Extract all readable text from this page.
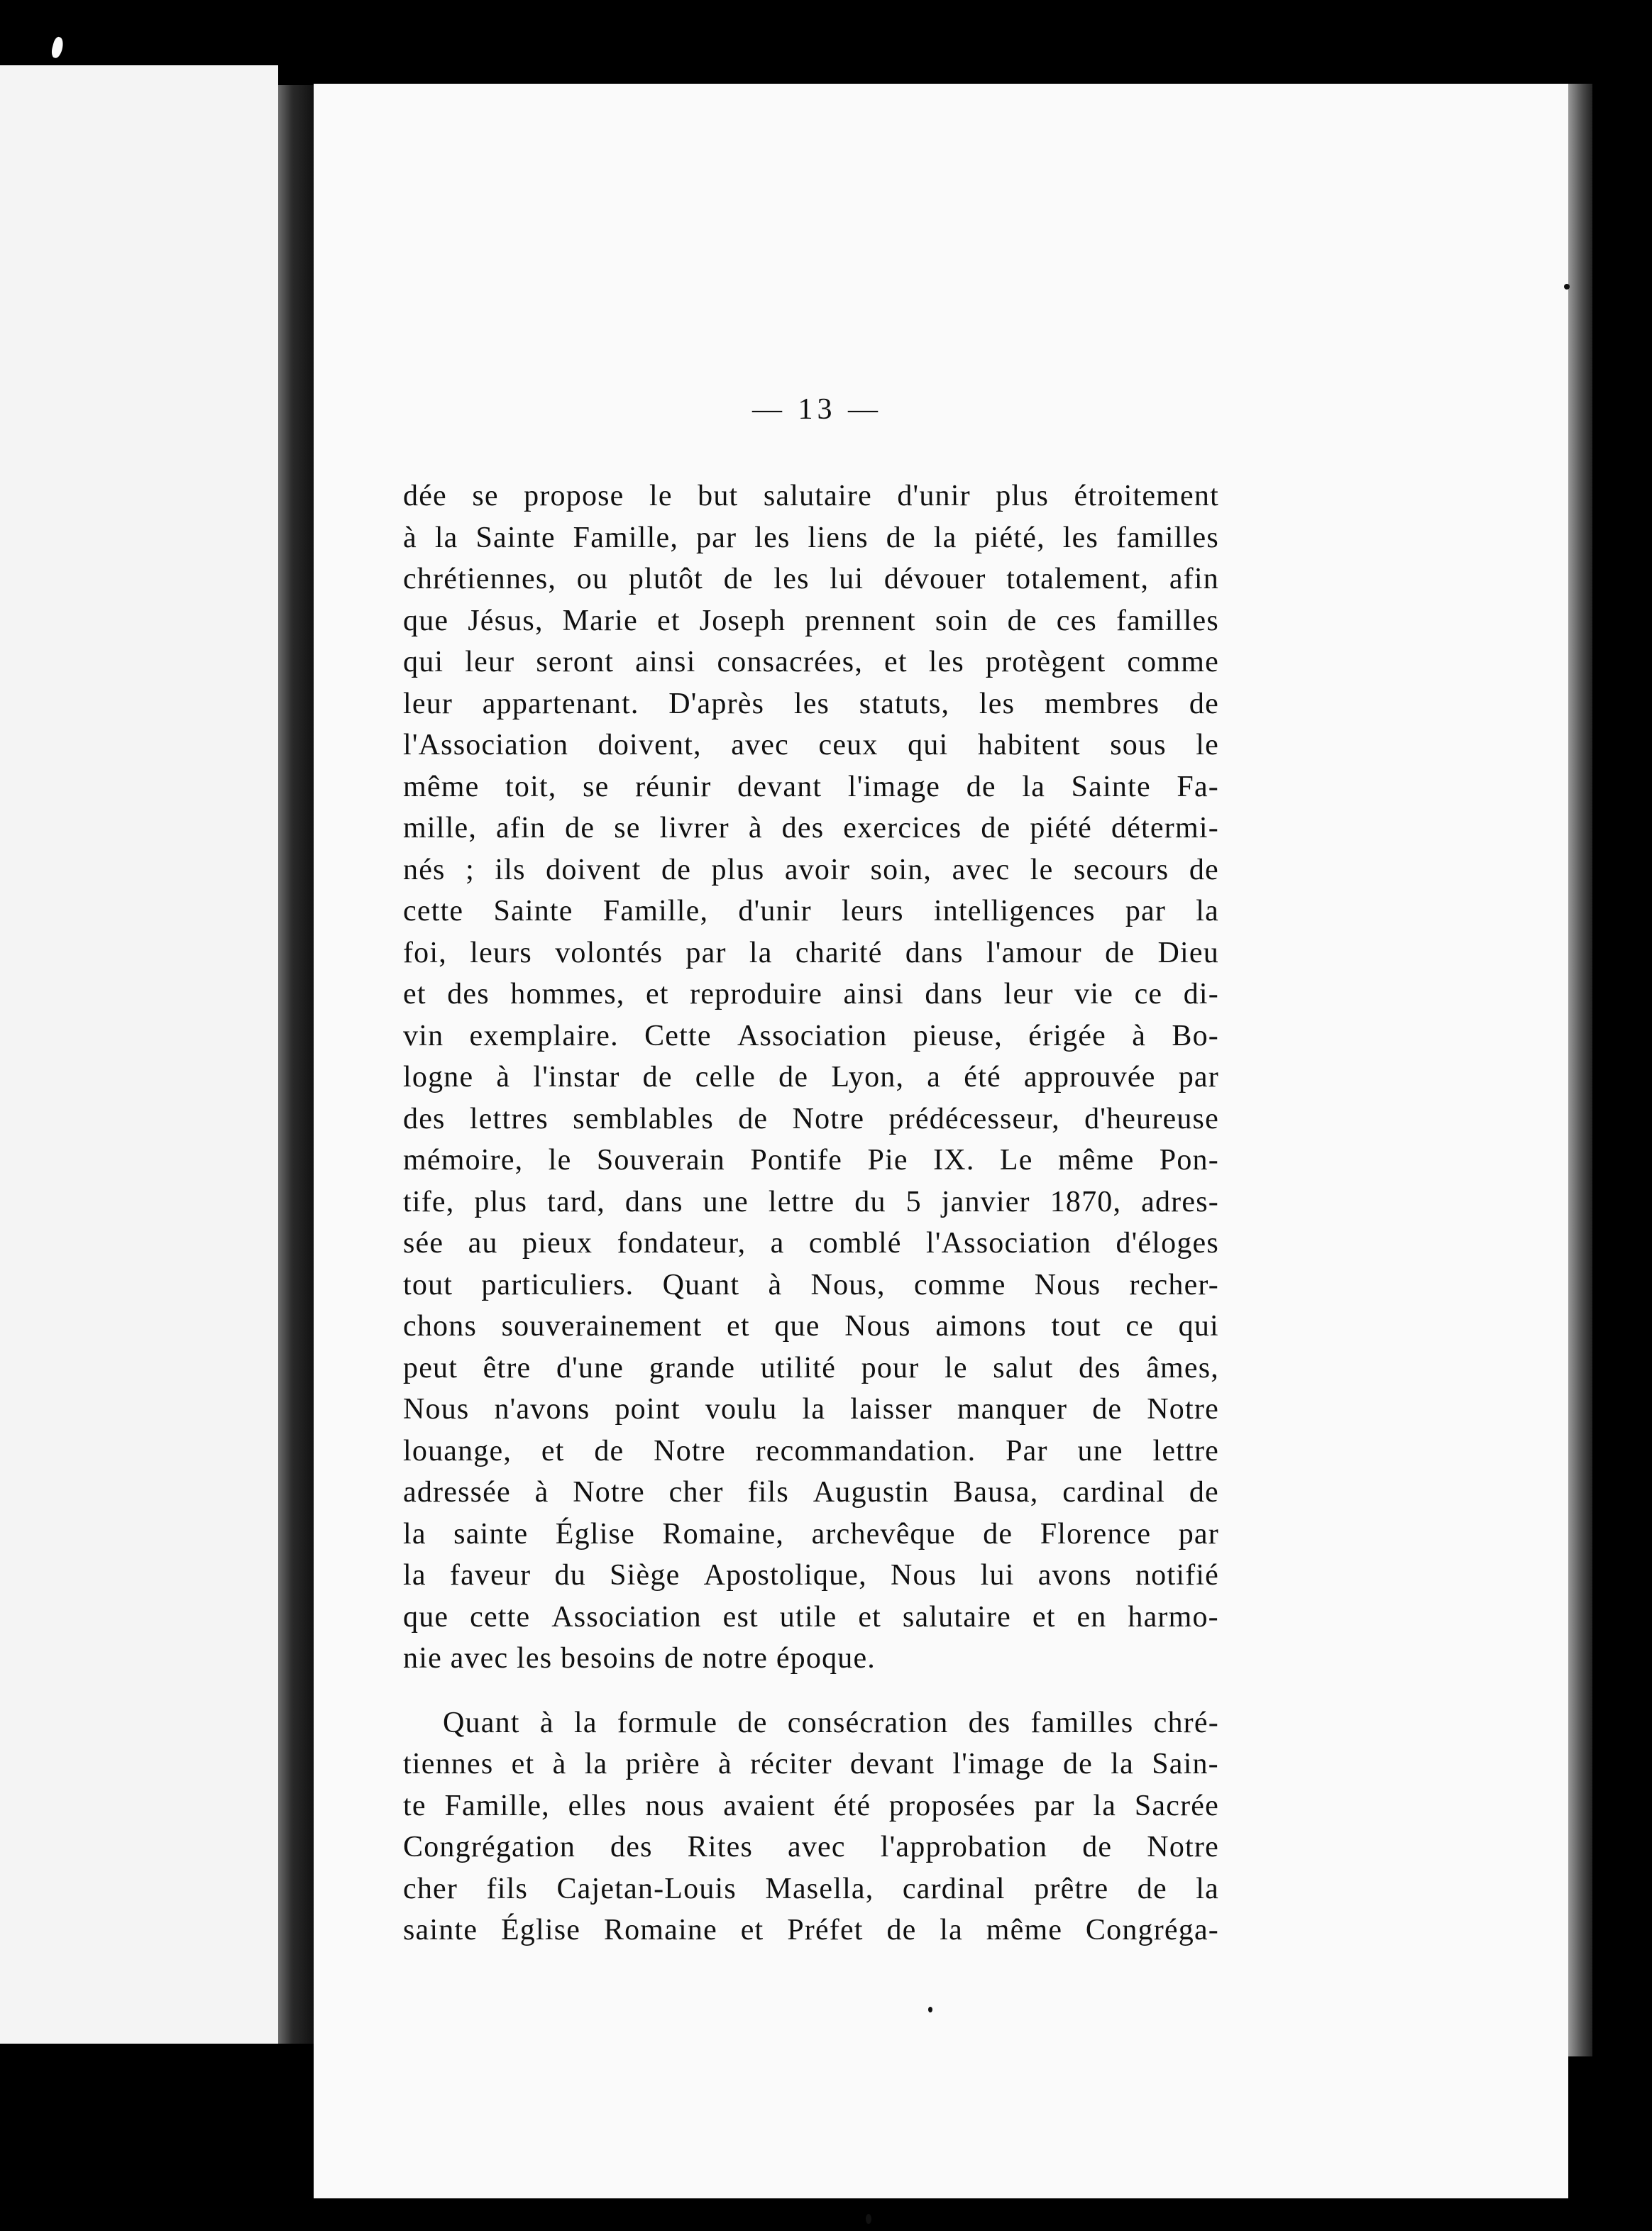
— 13 —
dée se propose le but salutaire d'unir plus étroitement
à la Sainte Famille, par les liens de la piété, les familles
chrétiennes, ou plutôt de les lui dévouer totalement, afin
que Jésus, Marie et Joseph prennent soin de ces familles
qui leur seront ainsi consacrées, et les protègent comme
leur appartenant. D'après les statuts, les membres de
l'Association doivent, avec ceux qui habitent sous le
même toit, se réunir devant l'image de la Sainte Fa-
mille, afin de se livrer à des exercices de piété détermi-
nés ; ils doivent de plus avoir soin, avec le secours de
cette Sainte Famille, d'unir leurs intelligences par la
foi, leurs volontés par la charité dans l'amour de Dieu
et des hommes, et reproduire ainsi dans leur vie ce di-
vin exemplaire. Cette Association pieuse, érigée à Bo-
logne à l'instar de celle de Lyon, a été approuvée par
des lettres semblables de Notre prédécesseur, d'heureuse
mémoire, le Souverain Pontife Pie IX. Le même Pon-
tife, plus tard, dans une lettre du 5 janvier 1870, adres-
sée au pieux fondateur, a comblé l'Association d'éloges
tout particuliers. Quant à Nous, comme Nous recher-
chons souverainement et que Nous aimons tout ce qui
peut être d'une grande utilité pour le salut des âmes,
Nous n'avons point voulu la laisser manquer de Notre
louange, et de Notre recommandation. Par une lettre
adressée à Notre cher fils Augustin Bausa, cardinal de
la sainte Église Romaine, archevêque de Florence par
la faveur du Siège Apostolique, Nous lui avons notifié
que cette Association est utile et salutaire et en harmo-
nie avec les besoins de notre époque.
Quant à la formule de consécration des familles chré-
tiennes et à la prière à réciter devant l'image de la Sain-
te Famille, elles nous avaient été proposées par la Sacrée
Congrégation des Rites avec l'approbation de Notre
cher fils Cajetan-Louis Masella, cardinal prêtre de la
sainte Église Romaine et Préfet de la même Congréga-
